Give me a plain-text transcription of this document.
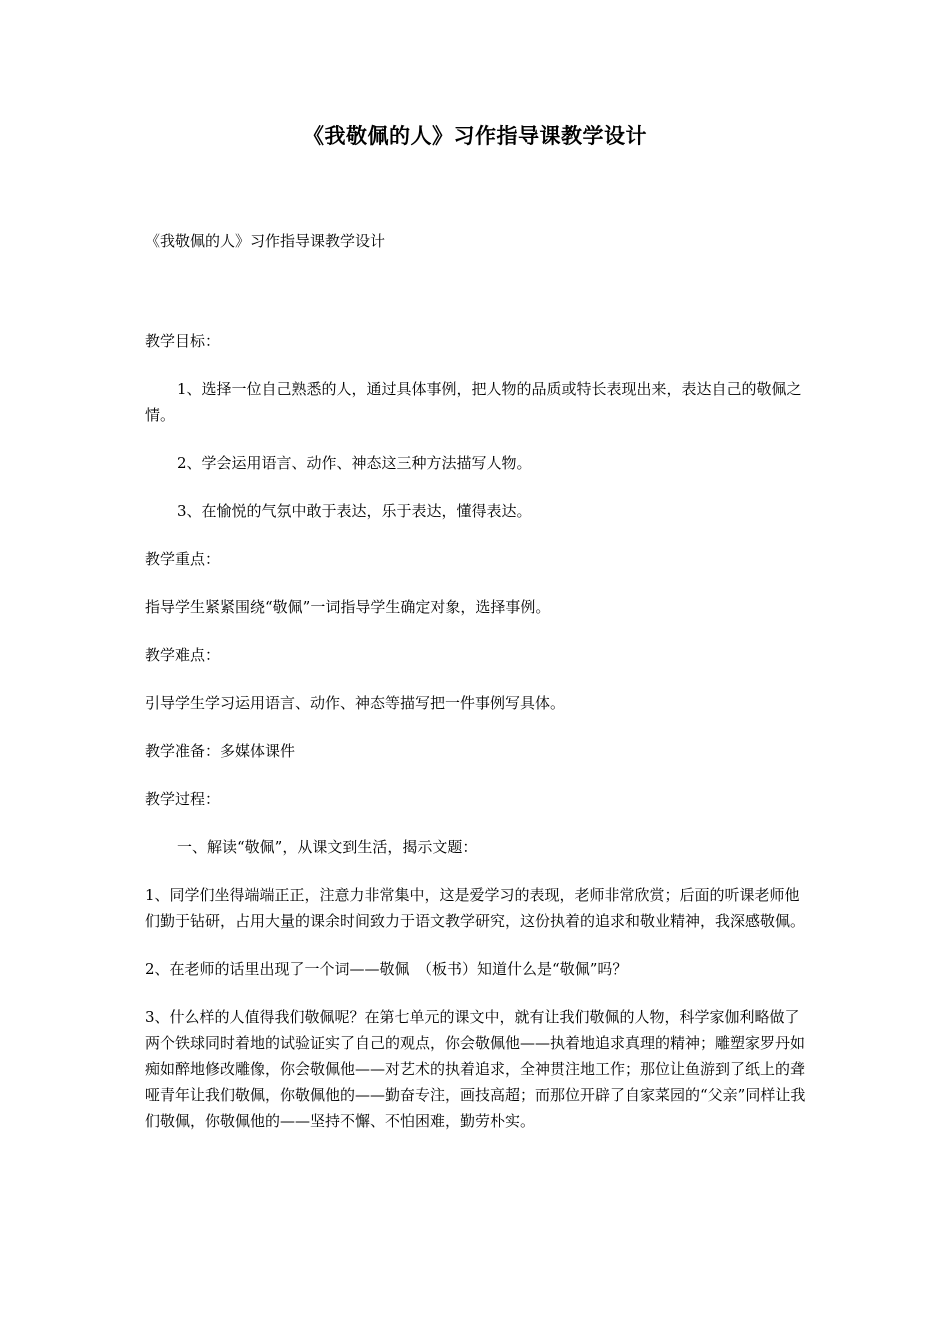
《我敬佩的人》习作指导课教学设计

《我敬佩的人》习作指导课教学设计

教学目标：

1、选择一位自己熟悉的人，通过具体事例，把人物的品质或特长表现出来，表达自己的敬佩之情。

2、学会运用语言、动作、神态这三种方法描写人物。

3、在愉悦的气氛中敢于表达，乐于表达，懂得表达。

教学重点：

指导学生紧紧围绕“敬佩”一词指导学生确定对象，选择事例。

教学难点：

引导学生学习运用语言、动作、神态等描写把一件事例写具体。

教学准备：多媒体课件

教学过程：

一、解读“敬佩”，从课文到生活，揭示文题：

1、同学们坐得端端正正，注意力非常集中，这是爱学习的表现，老师非常欣赏；后面的听课老师他们勤于钻研，占用大量的课余时间致力于语文教学研究，这份执着的追求和敬业精神，我深感敬佩。

2、在老师的话里出现了一个词——敬佩　（板书）知道什么是“敬佩”吗？

3、什么样的人值得我们敬佩呢？在第七单元的课文中，就有让我们敬佩的人物，科学家伽利略做了两个铁球同时着地的试验证实了自己的观点，你会敬佩他——执着地追求真理的精神；雕塑家罗丹如痴如醉地修改雕像，你会敬佩他——对艺术的执着追求，全神贯注地工作；那位让鱼游到了纸上的聋哑青年让我们敬佩，你敬佩他的——勤奋专注，画技高超；而那位开辟了自家菜园的“父亲”同样让我们敬佩，你敬佩他的——坚持不懈、不怕困难，勤劳朴实。
